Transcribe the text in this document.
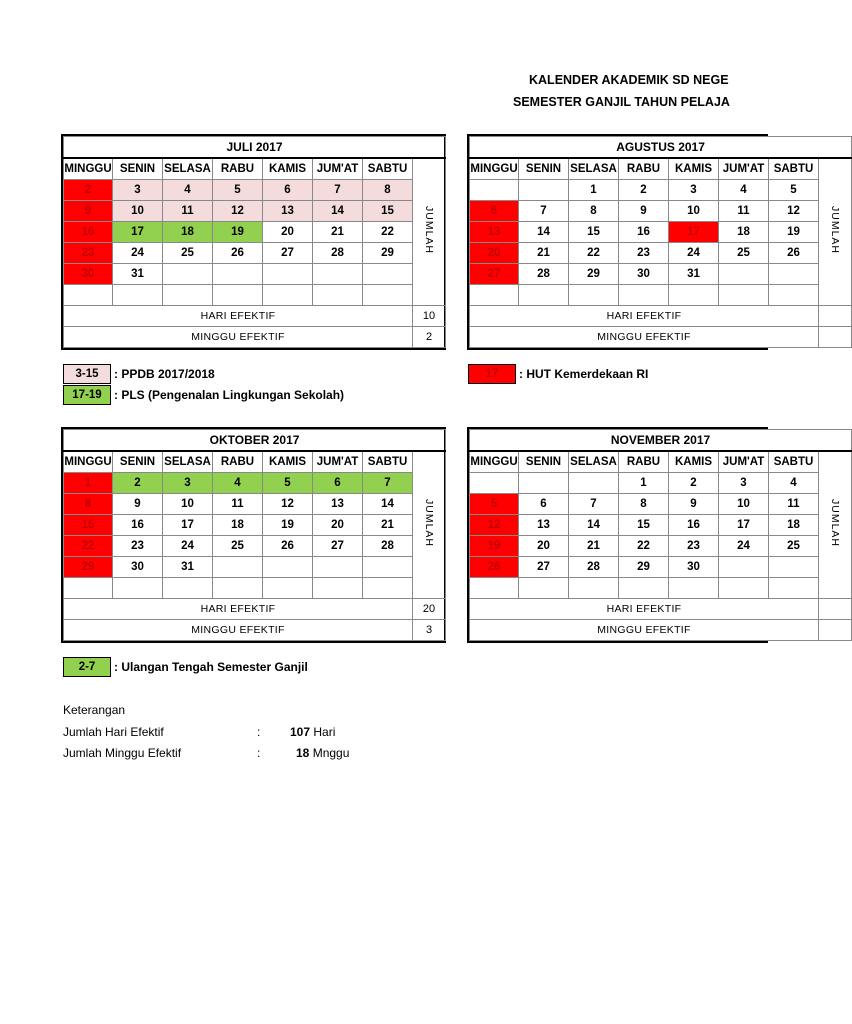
KALENDER AKADEMIK SD NEGE
SEMESTER GANJIL TAHUN PELAJA
JULI 2017							
MINGGU	SENIN	SELASA	RABU	KAMIS	JUM'AT	SABTU	JUMLAH
2	3	4	5	6	7	8	
9	10	11	12	13	14	15	
16	17	18	19	20	21	22	
23	24	25	26	27	28	29	
30	31						

HARI EFEKTIF							10
MINGGU EFEKTIF							2
AGUSTUS 2017							
MINGGU	SENIN	SELASA	RABU	KAMIS	JUM'AT	SABTU	JUMLAH
		1	2	3	4	5	
6	7	8	9	10	11	12	
13	14	15	16	17	18	19	
20	21	22	23	24	25	26	
27	28	29	30	31			

HARI EFEKTIF							
MINGGU EFEKTIF							
OKTOBER 2017							
MINGGU	SENIN	SELASA	RABU	KAMIS	JUM'AT	SABTU	JUMLAH
1	2	3	4	5	6	7	
8	9	10	11	12	13	14	
15	16	17	18	19	20	21	
22	23	24	25	26	27	28	
29	30	31					

HARI EFEKTIF							20
MINGGU EFEKTIF							3
NOVEMBER 2017							
MINGGU	SENIN	SELASA	RABU	KAMIS	JUM'AT	SABTU	JUMLAH
			1	2	3	4	
5	6	7	8	9	10	11	
12	13	14	15	16	17	18	
19	20	21	22	23	24	25	
26	27	28	29	30			

HARI EFEKTIF							
MINGGU EFEKTIF							
3-15 : PPDB 2017/2018
17-19 : PLS (Pengenalan Lingkungan Sekolah)
17 : HUT Kemerdekaan RI
2-7 : Ulangan Tengah Semester Ganjil
Keterangan
Jumlah Hari Efektif	: 107 Hari
Jumlah Minggu Efektif	:	18 Mnggu
